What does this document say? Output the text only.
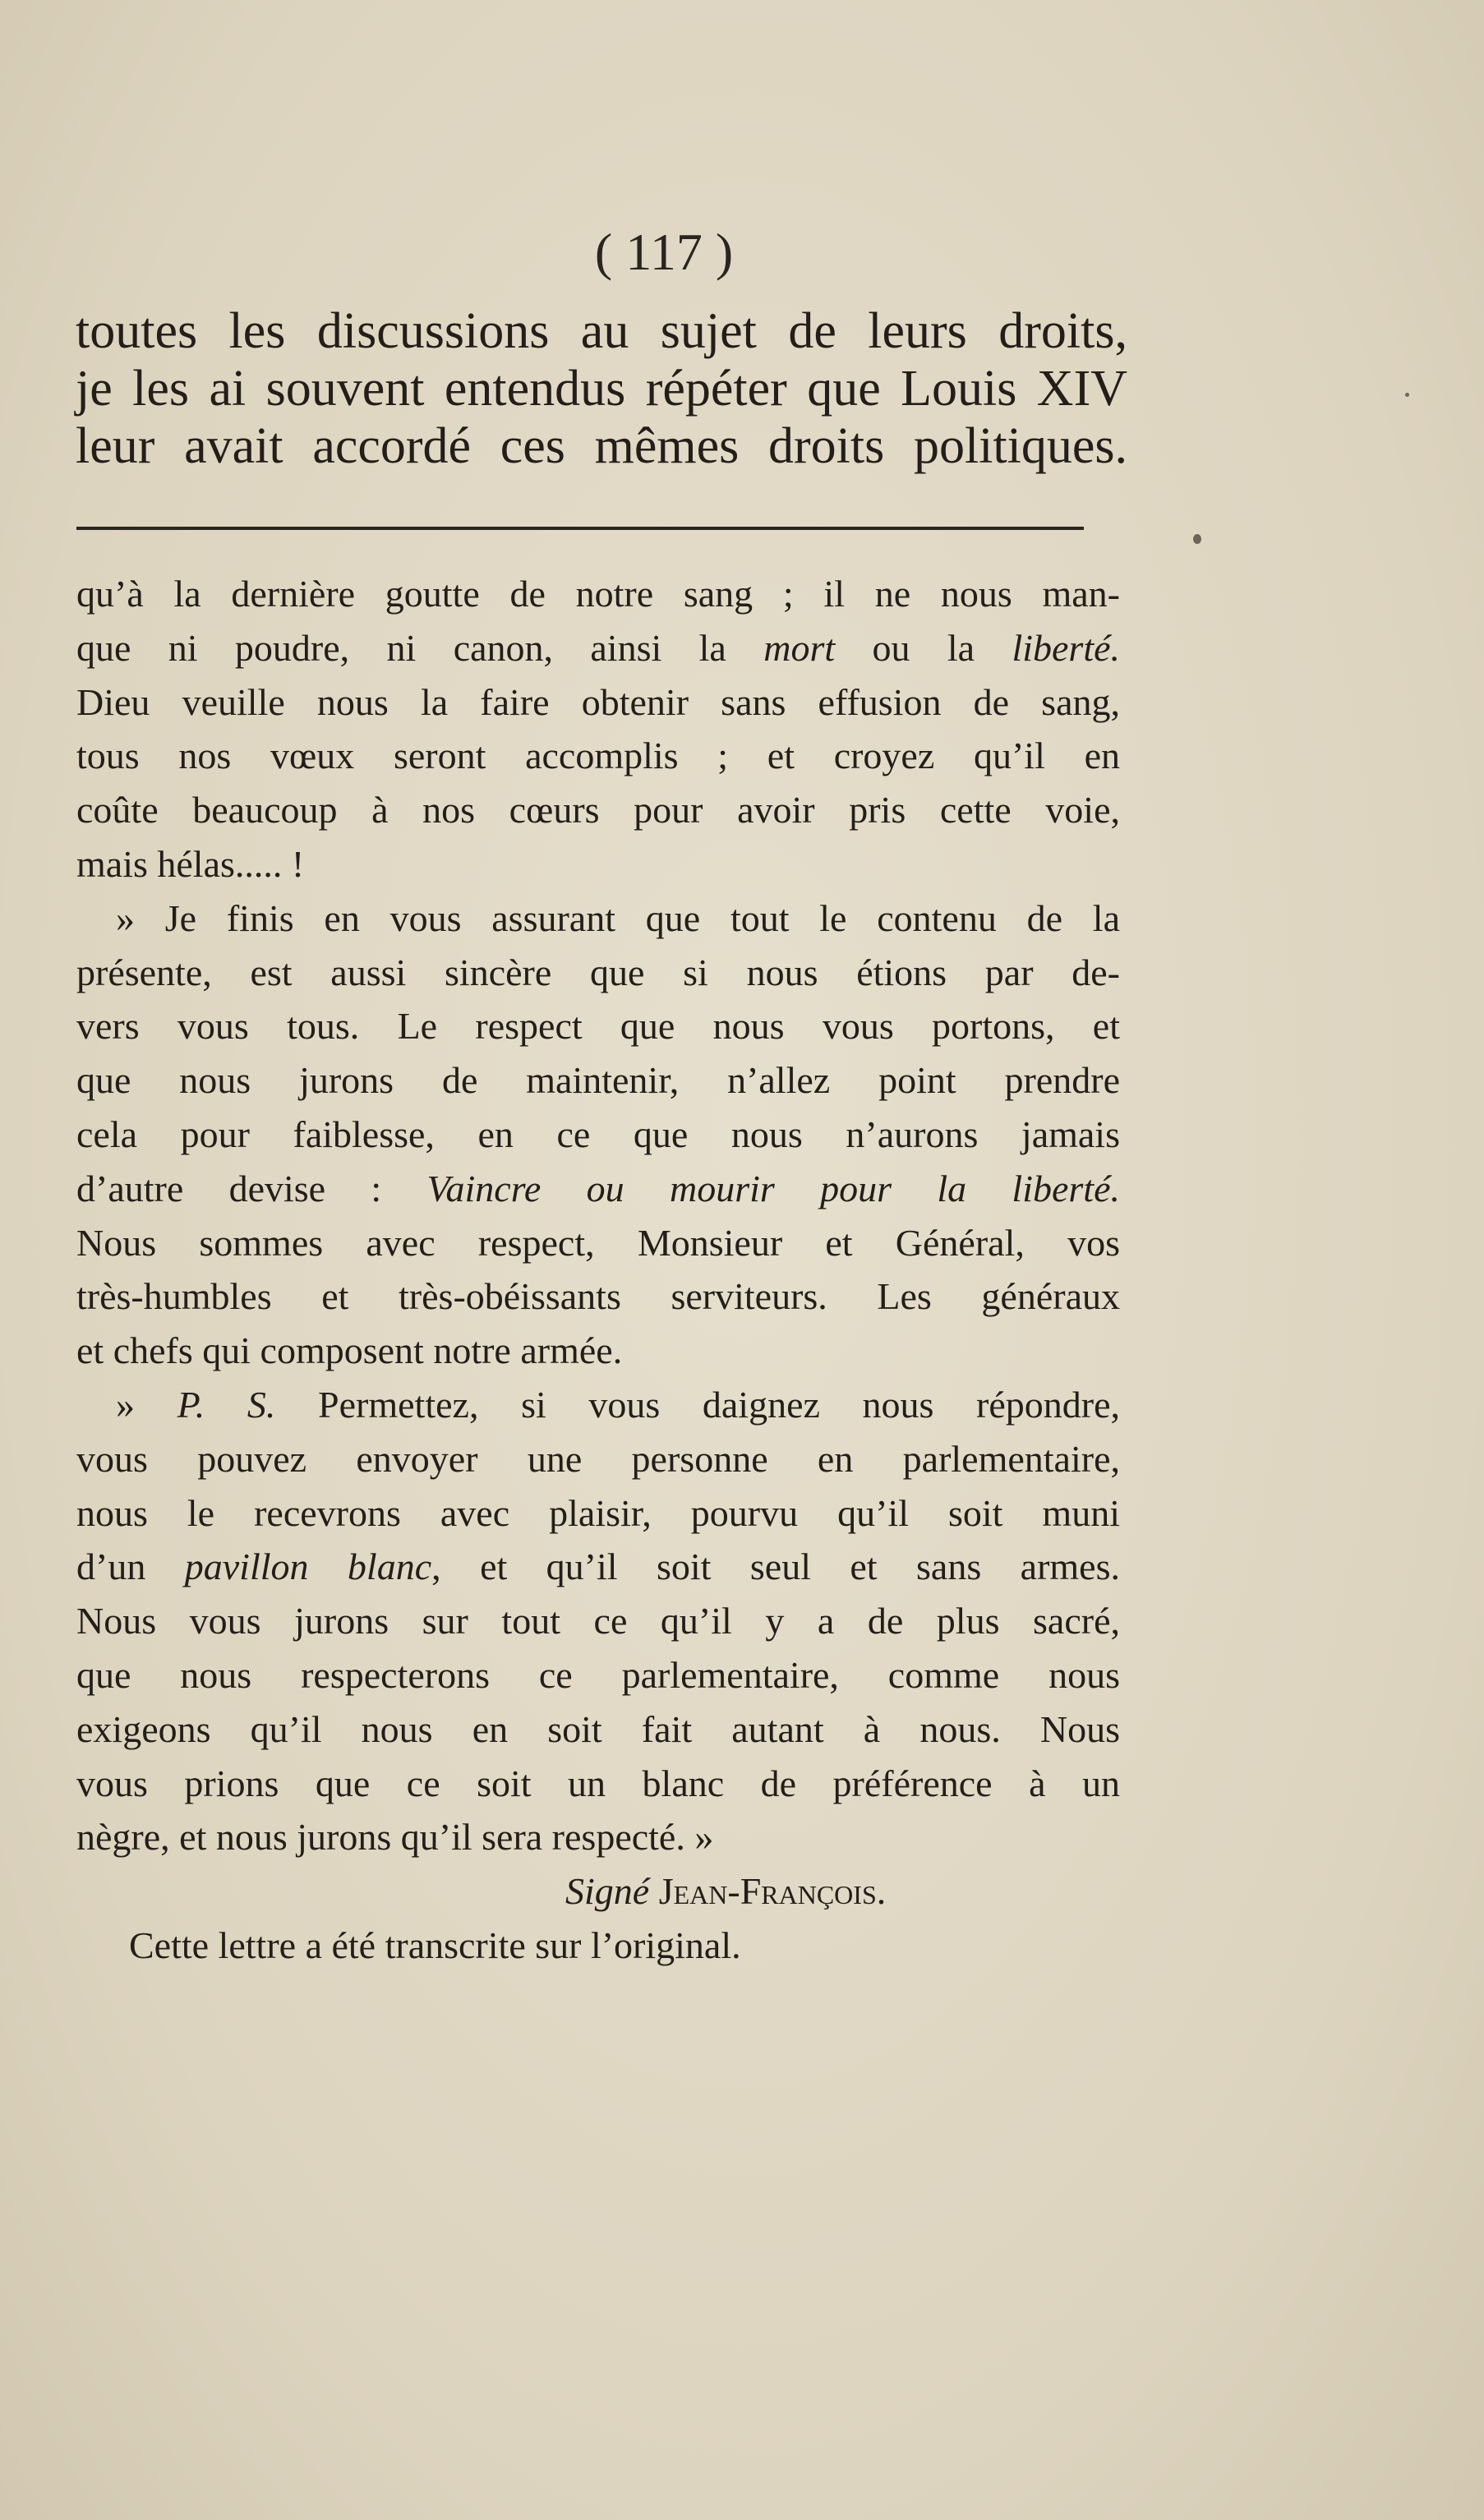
( 117 )
toutes les discussions au sujet de leurs droits,
je les ai souvent entendus répéter que Louis XIV
leur avait accordé ces mêmes droits politiques.
qu’à la dernière goutte de notre sang ; il ne nous man-
que ni poudre, ni canon, ainsi la mort ou la liberté.
Dieu veuille nous la faire obtenir sans effusion de sang,
tous nos vœux seront accomplis ; et croyez qu’il en
coûte beaucoup à nos cœurs pour avoir pris cette voie,
mais hélas..... !
» Je finis en vous assurant que tout le contenu de la
présente, est aussi sincère que si nous étions par de-
vers vous tous. Le respect que nous vous portons, et
que nous jurons de maintenir, n’allez point prendre
cela pour faiblesse, en ce que nous n’aurons jamais
d’autre devise : Vaincre ou mourir pour la liberté.
Nous sommes avec respect, Monsieur et Général, vos
très-humbles et très-obéissants serviteurs. Les généraux
et chefs qui composent notre armée.
» P. S. Permettez, si vous daignez nous répondre,
vous pouvez envoyer une personne en parlementaire,
nous le recevrons avec plaisir, pourvu qu’il soit muni
d’un pavillon blanc, et qu’il soit seul et sans armes.
Nous vous jurons sur tout ce qu’il y a de plus sacré,
que nous respecterons ce parlementaire, comme nous
exigeons qu’il nous en soit fait autant à nous. Nous
vous prions que ce soit un blanc de préférence à un
nègre, et nous jurons qu’il sera respecté. »
Signé Jean-François.
Cette lettre a été transcrite sur l’original.
